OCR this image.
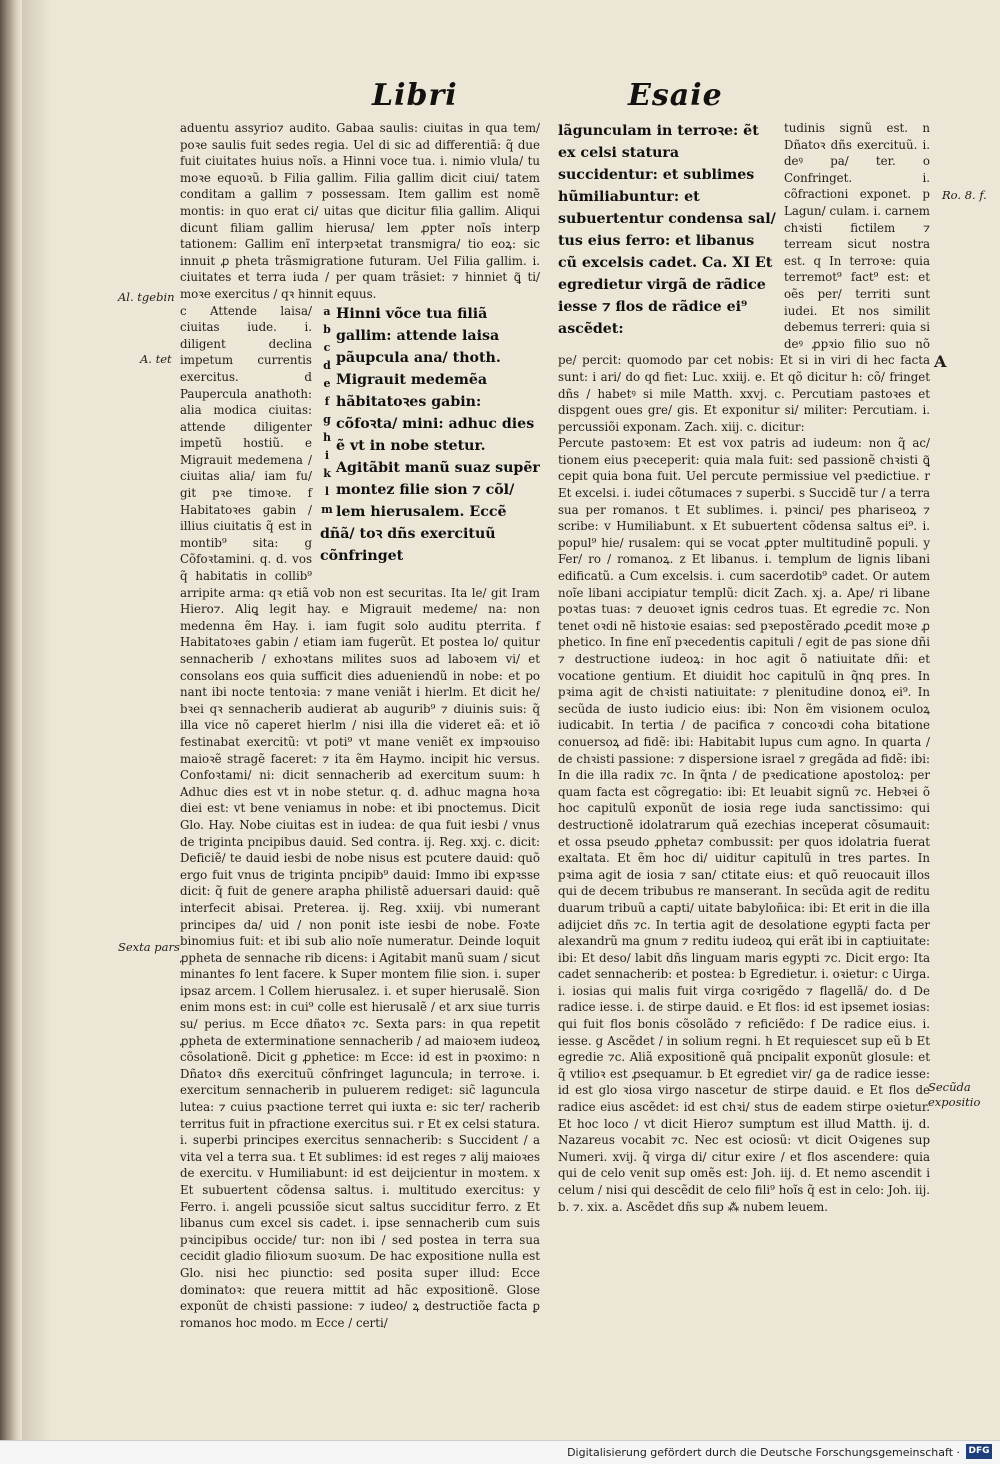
Libri	Esaie

aduentu assyrio⁊ audito. Gabaa saulis: ciuitas in qua tem/ poꝛe saulis fuit sedes regia. Uel di sic ad differentiã: q̃ due fuit ciuitates huius noĩs. a Hinni voce tua. i. nimio vlula/ tu moꝛe equoꝛũ. b Filia gallim. Filia gallim dicit ciui/ tatem conditam a gallim ⁊ possessam. Item gallim est nomẽ montis: in quo erat ci/ uitas que dicitur filia gallim. Aliqui dicunt filiam gallim hierusa/ lem ꝓpter noĩs interp tationem: Gallim enĩ interpꝛetat transmigra/ tio eoꝝ: sic innuit ꝓ pheta trãsmigratione futuram. Uel Filia gallim. i. ciuitates et terra iuda / per quam trãsiet: ⁊ hinniet ꝗ̃ ti/ moꝛe exercitus / qꝛ hinnit equus.

a
b
c
d
e
f
g
h
i
k
l
m
Hinni võce tua filiã gallim: attende laisa pãupcula ana/ thoth. Migrauit medemẽa hãbitatoꝛes gabin: cõfoꝛta/ mini: adhuc dies ẽ vt in nobe stetur. Agitãbit manũ suaz supẽr montez filie sion ⁊ cõl/ lem hierusalem. Eccẽ dñã/ toꝛ dñs exercituũ cõnfringet

c Attende laisa/ ciuitas iude. i. diligent declina impetum currentis exercitus. d Paupercula anathoth: alia modica ciuitas: attende diligenter impetũ hostiũ. e Migrauit medemena / ciuitas alia/ iam fu/ git pꝛe timoꝛe. f Habitatoꝛes gabin / illius ciuitatis q̃ est in montib⁹ sita: g Cõfoꝛtamini. q. d. vos q̃ habitatis in collib⁹ arripite arma: qꝛ etiã vob non est securitas. Ita le/ git Iram Hiero⁊. Aliꝗ legit hay. e Migrauit medeme/ na: non medenna ẽm Hay. i. iam fugit solo auditu pterrita. f Habitatoꝛes gabin / etiam iam fugerũt. Et postea lo/ quitur sennacherib / exhoꝛtans milites suos ad laboꝛem vi/ et consolans eos quia sufficit dies adueniendũ in nobe: et po nant ibi nocte tentoꝛia: ⁊ mane veniãt i hierlm. Et dicit he/ bꝛei qꝛ sennacherib audierat ab augurib⁹ ⁊ diuinis suis: q̃ illa vice nõ caperet hierlm / nisi illa die videret eã: et iõ festinabat exercitũ: vt poti⁹ vt mane veniẽt ex impꝛouiso maioꝛẽ stragẽ faceret: ⁊ ita ẽm Haymo. incipit hic versus. Confoꝛtami/ ni: dicit sennacherib ad exercitum suum: h Adhuc dies est vt in nobe stetur. q. d. adhuc magna hoꝛa diei est: vt bene veniamus in nobe: et ibi pnoctemus. Dicit Glo. Hay. Nobe ciuitas est in iudea: de qua fuit iesbi / vnus de triginta pncipibus dauid. Sed contra. ij. Reg. xxj. c. dicit: Deficiẽ/ te dauid iesbi de nobe nisus est pcutere dauid: quõ ergo fuit vnus de triginta pncipib⁹ dauid: Immo ibi expꝛsse dicit: q̃ fuit de genere arapha philistẽ aduersari dauid: quẽ interfecit abisai. Preterea. ij. Reg. xxiij. vbi numerant principes da/ uid / non ponit iste iesbi de nobe. Foꝛte binomius fuit: et ibi sub alio noĩe numeratur. Deinde loquit ꝓpheta de sennache rib dicens: i Agitabit manũ suam / sicut minantes fo lent facere. k Super montem filie sion. i. super ipsaz arcem. l Collem hierusalez. i. et super hierusalẽ. Sion enim mons est: in cui⁹ colle est hierusalẽ / et arx siue turris su/ perius. m Ecce dñatoꝛ ⁊c. Sexta pars: in qua repetit ꝓpheta de exterminatione sennacherib / ad maioꝛem iudeoꝝ cõsolationẽ. Dicit g ꝓphetice: m Ecce: id est in pꝛoximo: n Dñatoꝛ dñs exercituũ cõnfringet laguncula; in terroꝛe. i. exercitum sennacherib in puluerem rediget: sic̃ laguncula lutea: ⁊ cuius pꝛactione terret qui iuxta e: sic ter/ racherib territus fuit in pfractione exercitus sui. r Et ex celsi statura. i. superbi principes exercitus sennacherib: s Succident / a vita vel a terra sua. t Et sublimes: id est reges ⁊ alij maioꝛes de exercitu. v Humiliabunt: id est deijcientur in moꝛtem. x Et subuertent cõdensa saltus. i. multitudo exercitus: y Ferro. i. angeli pcussiõe sicut saltus succiditur ferro. z Et libanus cum excel sis cadet. i. ipse sennacherib cum suis pꝛincipibus occide/ tur: non ibi / sed postea in terra sua cecidit gladio filioꝛum suoꝛum. De hac expositione nulla est Glo. nisi hec piunctio: sed posita super illud: Ecce dominatoꝛ: que reuera mittit ad hãc expositionẽ. Glose exponũt de chꝛisti passione: ⁊ iudeo/ ꝝ destructiõe facta ꝑ romanos hoc modo. m Ecce / certi/

lãgunculam in terroꝛe: ẽt ex celsi statura succidentur: et sublimes hũmiliabuntur: et subuertentur condensa sal/ tus eius ferro: et libanus cũ excelsis cadet. Ca. XI Et egredietur virgã de rãdice iesse ⁊ flos de rãdice ei⁹ ascẽdet:

tudinis signũ est. n Dñatoꝛ dñs exercituũ. i. deꝰ pa/ ter. o Confringet. i. cõfractioni exponet. p Lagun/ culam. i. carnem chꝛisti fictilem ⁊ terream sicut nostra est. q In terroꝛe: quia terremot⁹ fact⁹ est: et oẽs per/ territi sunt iudei. Et nos similit debemus terreri: quia si deꝰ ꝓpꝛio filio suo nõ pe/ percit: quomodo par cet nobis: Et si in viri di hec facta sunt: i ari/ do qd fiet: Luc. xxiij. e. Et qõ dicitur h: cõ/ fringet dñs / habetꝰ si mile Matth. xxvj. c. Percutiam pastoꝛes et dispgent oues gre/ gis. Et exponitur si/ militer: Percutiam. i. percussiõi exponam. Zach. xiij. c. dicitur:

Percute pastoꝛem: Et est vox patris ad iudeum: non q̃ ac/ tionem eius pꝛeceperit: quia mala fuit: sed passionẽ chꝛisti ꝗ̃ cepit quia bona fuit. Uel percute permissiue vel pꝛedictiue. r Et excelsi. i. iudei cõtumaces ⁊ superbi. s Succidẽ tur / a terra sua per romanos. t Et sublimes. i. pꝛinci/ pes phariseoꝝ ⁊ scribe: v Humiliabunt. x Et subuertent cõdensa saltus ei⁹. i. popul⁹ hie/ rusalem: qui se vocat ꝓpter multitudinẽ populi. y Fer/ ro / romanoꝝ. z Et libanus. i. templum de lignis libani edificatũ. a Cum excelsis. i. cum sacerdotib⁹ cadet. Or autem noĩe libani accipiatur templũ: dicit Zach. xj. a. Ape/ ri libane poꝛtas tuas: ⁊ deuoꝛet ignis cedros tuas. Et egredie ⁊c. Non tenet oꝛdi nẽ histoꝛie esaias: sed pꝛepostẽrado ꝓcedit moꝛe ꝓ phetico. In fine enĩ pꝛecedentis capituli / egit de pas sione dñi ⁊ destructione iudeoꝝ: in hoc agit õ natiuitate dñi: et vocatione gentium. Et diuidit hoc capitulũ in q̃nq pres. In pꝛima agit de chꝛisti natiuitate: ⁊ plenitudine donoꝝ ei⁹. In secũda de iusto iudicio eius: ibi: Non ẽm visionem oculoꝝ iudicabit. In tertia / de pacifica ⁊ concoꝛdi coha bitatione conuersoꝝ ad fidẽ: ibi: Habitabit lupus cum agno. In quarta / de chꝛisti passione: ⁊ dispersione israel ⁊ gregãda ad fidẽ: ibi: In die illa radix ⁊c. In q̃nta / de pꝛedicatione apostoloꝝ: per quam facta est cõgregatio: ibi: Et leuabit signũ ⁊c. Hebꝛei õ hoc capitulũ exponũt de iosia rege iuda sanctissimo: qui destructionẽ idolatrarum quã ezechias inceperat cõsumauit: et ossa pseudo ꝓpheta⁊ combussit: per quos idolatria fuerat exaltata. Et ẽm hoc di/ uiditur capitulũ in tres partes. In pꝛima agit de iosia ⁊ san/ ctitate eius: et quõ reuocauit illos qui de decem tribubus re manserant. In secũda agit de reditu duarum tribuũ a capti/ uitate babyloñica: ibi: Et erit in die illa adijciet dñs ⁊c. In tertia agit de desolatione egypti facta per alexandrũ ma gnum ⁊ reditu iudeoꝝ qui erãt ibi in captiuitate: ibi: Et deso/ labit dñs linguam maris egypti ⁊c. Dicit ergo: Ita cadet sennacherib: et postea: b Egredietur. i. oꝛietur: c Uirga. i. iosias qui malis fuit virga coꝛrigẽdo ⁊ flagellã/ do. d De radice iesse. i. de stirpe dauid. e Et flos: id est ipsemet iosias: qui fuit flos bonis cõsolãdo ⁊ reficiẽdo: f De radice eius. i. iesse. g Ascẽdet / in solium regni. h Et requiescet sup eũ b Et egredie ⁊c. Aliã expositionẽ quã pncipalit exponũt glosule: et q̃ vtilioꝛ est ꝓsequamur. b Et egrediet vir/ ga de radice iesse: id est glo ꝛiosa virgo nascetur de stirpe dauid. e Et flos de radice eius ascẽdet: id est chꝛi/ stus de eadem stirpe oꝛietur. Et hoc loco / vt dicit Hiero⁊ sumptum est illud Matth. ij. d. Nazareus vocabit ⁊c. Nec est ociosũ: vt dicit Oꝛigenes sup Numeri. xvij. q̃ virga di/ citur exire / et flos ascendere: quia qui de celo venit sup omẽs est: Joh. iij. d. Et nemo ascendit i celum / nisi qui descẽdit de celo fili⁹ hoĩs q̃ est in celo: Joh. iij. b. ⁊. xix. a. Ascẽdet dñs sup ⁂ nubem leuem.

Al. tgebin
A. tet
Sexta pars
Ro. 8. f.
A
Secũda expositio
Digitalisierung gefördert durch die Deutsche Forschungsgemeinschaft · DFG
